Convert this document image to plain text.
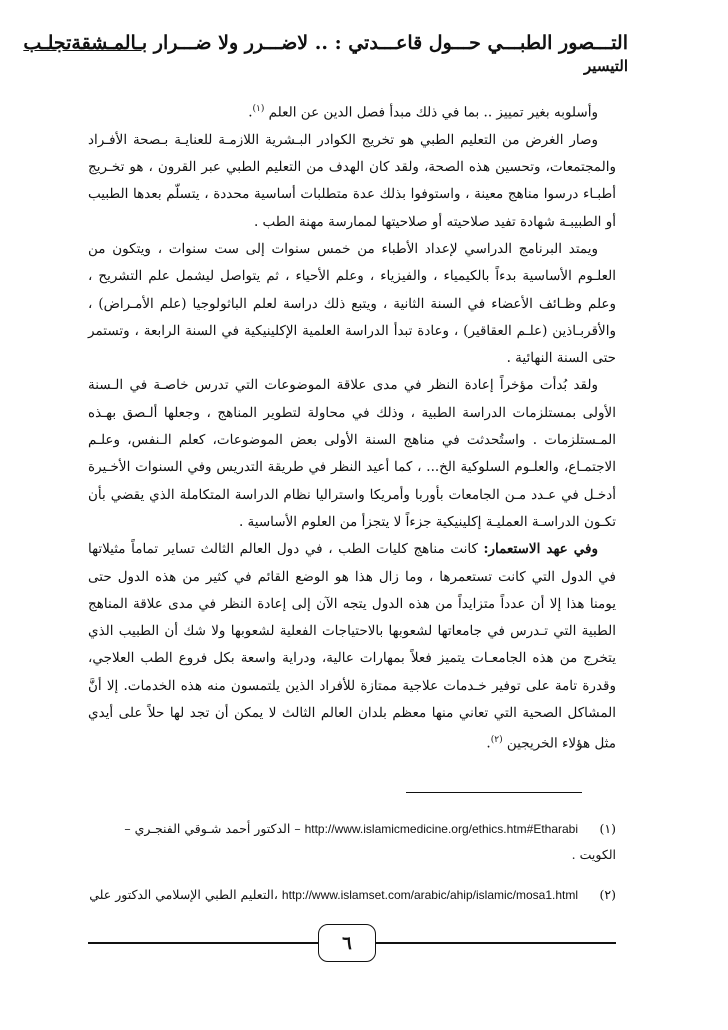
التـــصور الطبـــي حـــول قاعـــدتي : .. لاضـــرر ولا ضـــرار بـالمـشقةتجلـب
التيسير

وأسلوبه بغير تمييز .. بما في ذلك مبدأ فصل الدين عن العلم $^{(١)}$.

وصار الغرض من التعليم الطبي هو تخريج الكوادر البـشرية اللازمـة للعنايـة بـصحة الأفـراد والمجتمعات، وتحسين هذه الصحة، ولقد كان الهدف من التعليم الطبي عبر القرون ، هو تخـريج أطبـاء درسوا مناهج معينة ، واستوفوا بذلك عدة متطلبات أساسية محددة ، يتسلّم بعدها الطبيب أو الطبيبـة شهادة تفيد صلاحيته أو صلاحيتها لممارسة مهنة الطب .

ويمتد البرنامج الدراسي لإعداد الأطباء من خمس سنوات إلى ست سنوات ، ويتكون من العلـوم الأساسية بدءاً بالكيمياء ، والفيزياء ، وعلم الأحياء ، ثم يتواصل ليشمل علم التشريح ، وعلم وظـائف الأعضاء في السنة الثانية ، ويتبع ذلك دراسة لعلم الباثولوجيا (علم الأمـراض) ، والأقربـاذين (علـم العقاقير) ، وعادة تبدأ الدراسة العلمية الإكلينيكية في السنة الرابعة ، وتستمر حتى السنة النهائية .

ولقد بُدأت مؤخراً إعادة النظر في مدى علاقة الموضوعات التي تدرس خاصـة في الـسنة الأولى بمستلزمات الدراسة الطبية ، وذلك في محاولة لتطوير المناهج ، وجعلها ألـصق بهـذه المـستلزمات . واستُحدثت في مناهج السنة الأولى بعض الموضوعات، كعلم الـنفس، وعلـم الاجتمـاع، والعلـوم السلوكية الخ... ، كما أعيد النظر في طريقة التدريس وفي السنوات الأخـيرة أدخـل في عـدد مـن الجامعات بأوربا وأمريكا واستراليا نظام الدراسة المتكاملة الذي يقضي بأن تكـون الدراسـة العمليـة إكلينيكية جزءاً لا يتجزأ من العلوم الأساسية .

وفي عهد الاستعمار: كانت مناهج كليات الطب ، في دول العالم الثالث تساير تماماً مثيلاتها في الدول التي كانت تستعمرها ، وما زال هذا هو الوضع القائم في كثير من هذه الدول حتى يومنا هذا إلا أن عدداً متزايداً من هذه الدول يتجه الآن إلى إعادة النظر في مدى علاقة المناهج الطبية التي تـدرس في جامعاتها لشعوبها بالاحتياجات الفعلية لشعوبها ولا شك أن الطبيب الذي يتخرج من هذه الجامعـات يتميز فعلاً بمهارات عالية، ودراية واسعة بكل فروع الطب العلاجي، وقدرة تامة على توفير خـدمات علاجية ممتازة للأفراد الذين يلتمسون منه هذه الخدمات. إلا أنَّ المشاكل الصحية التي تعاني منها معظم بلدان العالم الثالث لا يمكن أن تجد لها حلاً على أيدي مثل هؤلاء الخريجين $^{(٢)}$.

(١) http://www.islamicmedicine.org/ethics.htm#Etharabi – الدكتور أحمد شـوقي الفنجـري – الكويت .
(٢) http://www.islamset.com/arabic/ahip/islamic/mosa1.html ،التعليم الطبي الإسلامي الدكتور علي
٦
